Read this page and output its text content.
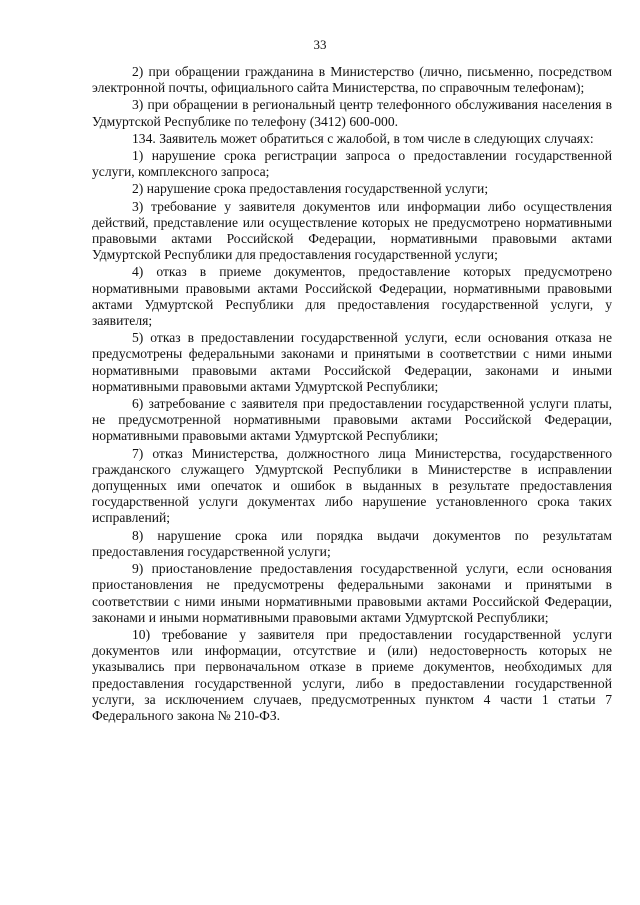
33

2) при обращении гражданина в Министерство (лично, письменно, посредством электронной почты, официального сайта Министерства, по справочным телефонам);

3) при обращении в региональный центр телефонного обслуживания населения в Удмуртской Республике по телефону (3412) 600-000.

134. Заявитель может обратиться с жалобой, в том числе в следующих случаях:

1) нарушение срока регистрации запроса о предоставлении государственной услуги, комплексного запроса;

2) нарушение срока предоставления государственной услуги;

3) требование у заявителя документов или информации либо осуществления действий, представление или осуществление которых не предусмотрено нормативными правовыми актами Российской Федерации, нормативными правовыми актами Удмуртской Республики для предоставления государственной услуги;

4) отказ в приеме документов, предоставление которых предусмотрено нормативными правовыми актами Российской Федерации, нормативными правовыми актами Удмуртской Республики для предоставления государственной услуги, у заявителя;

5) отказ в предоставлении государственной услуги, если основания отказа не предусмотрены федеральными законами и принятыми в соответствии с ними иными нормативными правовыми актами Российской Федерации, законами и иными нормативными правовыми актами Удмуртской Республики;

6) затребование с заявителя при предоставлении государственной услуги платы, не предусмотренной нормативными правовыми актами Российской Федерации, нормативными правовыми актами Удмуртской Республики;

7) отказ Министерства, должностного лица Министерства, государственного гражданского служащего Удмуртской Республики в Министерстве в исправлении допущенных ими опечаток и ошибок в выданных в результате предоставления государственной услуги документах либо нарушение установленного срока таких исправлений;

8) нарушение срока или порядка выдачи документов по результатам предоставления государственной услуги;

9) приостановление предоставления государственной услуги, если основания приостановления не предусмотрены федеральными законами и принятыми в соответствии с ними иными нормативными правовыми актами Российской Федерации, законами и иными нормативными правовыми актами Удмуртской Республики;

10) требование у заявителя при предоставлении государственной услуги документов или информации, отсутствие и (или) недостоверность которых не указывались при первоначальном отказе в приеме документов, необходимых для предоставления государственной услуги, либо в предоставлении государственной услуги, за исключением случаев, предусмотренных пунктом 4 части 1 статьи 7 Федерального закона № 210-ФЗ.
